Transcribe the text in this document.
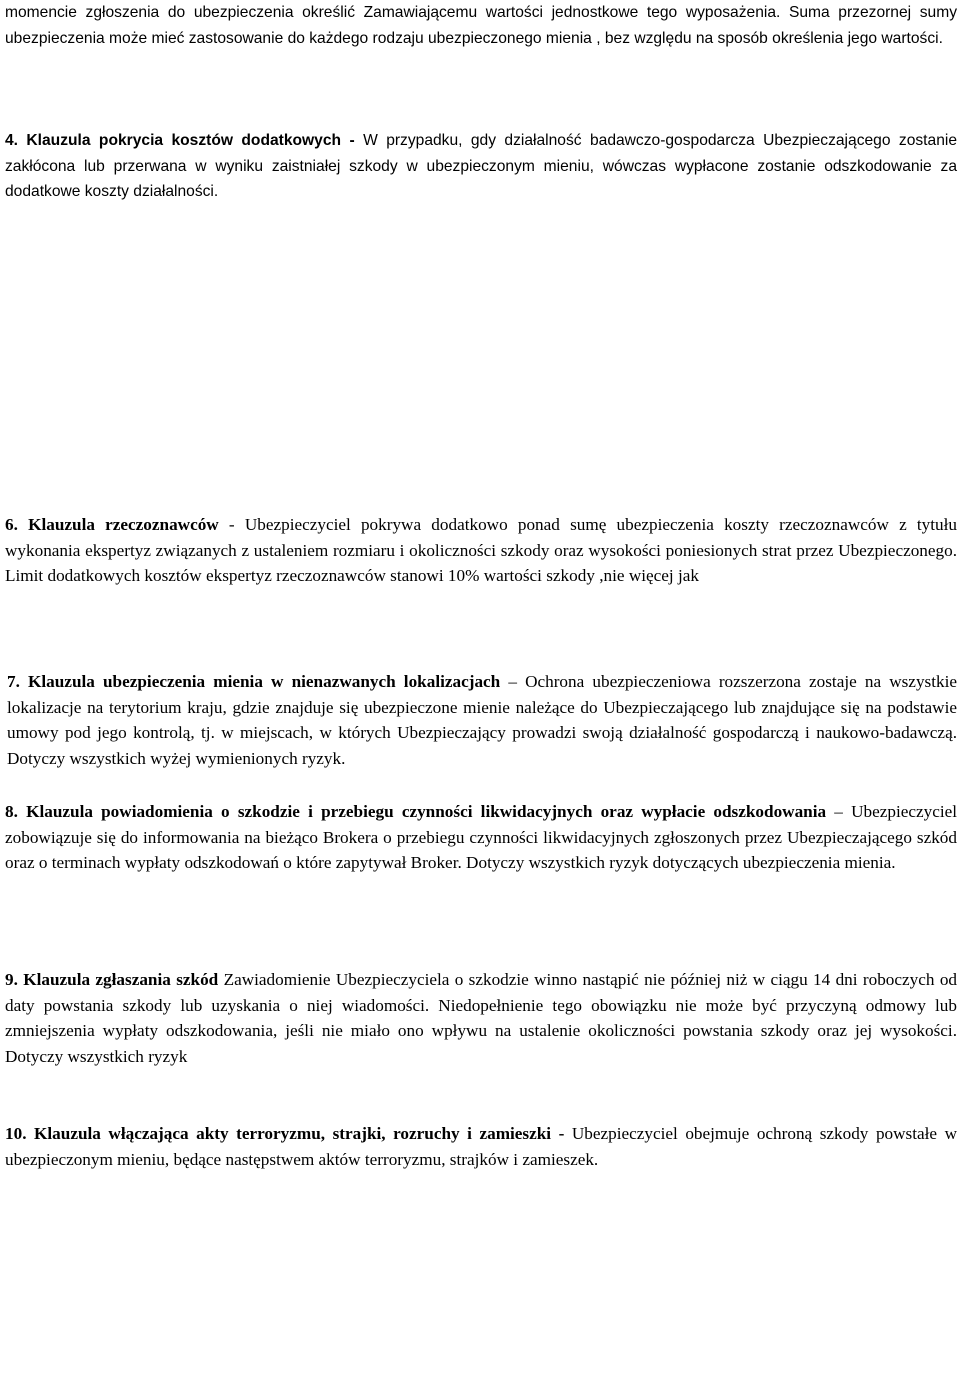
momencie zgłoszenia do ubezpieczenia określić Zamawiającemu wartości jednostkowe tego wyposażenia. Suma przezornej sumy ubezpieczenia może mieć zastosowanie do każdego rodzaju ubezpieczonego mienia , bez względu na sposób określenia jego wartości.

4. Klauzula pokrycia kosztów dodatkowych - W przypadku, gdy działalność badawczo-gospodarcza Ubezpieczającego zostanie zakłócona lub przerwana w wyniku zaistniałej szkody w ubezpieczonym mieniu, wówczas wypłacone zostanie odszkodowanie za dodatkowe koszty działalności.

6. Klauzula rzeczoznawców - Ubezpieczyciel pokrywa dodatkowo ponad sumę ubezpieczenia koszty rzeczoznawców z tytułu wykonania ekspertyz związanych z ustaleniem rozmiaru i okoliczności szkody oraz wysokości poniesionych strat przez Ubezpieczonego. Limit dodatkowych kosztów ekspertyz rzeczoznawców stanowi 10% wartości szkody ,nie więcej jak

7. Klauzula ubezpieczenia mienia w nienazwanych lokalizacjach – Ochrona ubezpieczeniowa rozszerzona zostaje na wszystkie lokalizacje na terytorium kraju, gdzie znajduje się ubezpieczone mienie należące do Ubezpieczającego lub znajdujące się na podstawie umowy pod jego kontrolą, tj. w miejscach, w których Ubezpieczający prowadzi swoją działalność gospodarczą i naukowo-badawczą. Dotyczy wszystkich wyżej wymienionych ryzyk.

8. Klauzula powiadomienia o szkodzie i przebiegu czynności likwidacyjnych oraz wypłacie odszkodowania – Ubezpieczyciel zobowiązuje się do informowania na bieżąco Brokera o przebiegu czynności likwidacyjnych zgłoszonych przez Ubezpieczającego szkód oraz o terminach wypłaty odszkodowań o które zapytywał Broker. Dotyczy wszystkich ryzyk dotyczących ubezpieczenia mienia.

9. Klauzula zgłaszania szkód Zawiadomienie Ubezpieczyciela o szkodzie winno nastąpić nie później niż w ciągu 14 dni roboczych od daty powstania szkody lub uzyskania o niej wiadomości. Niedopełnienie tego obowiązku nie może być przyczyną odmowy lub zmniejszenia wypłaty odszkodowania, jeśli nie miało ono wpływu na ustalenie okoliczności powstania szkody oraz jej wysokości. Dotyczy wszystkich ryzyk

10. Klauzula włączająca akty terroryzmu, strajki, rozruchy i zamieszki - Ubezpieczyciel obejmuje ochroną szkody powstałe w ubezpieczonym mieniu, będące następstwem aktów terroryzmu, strajków i zamieszek.
